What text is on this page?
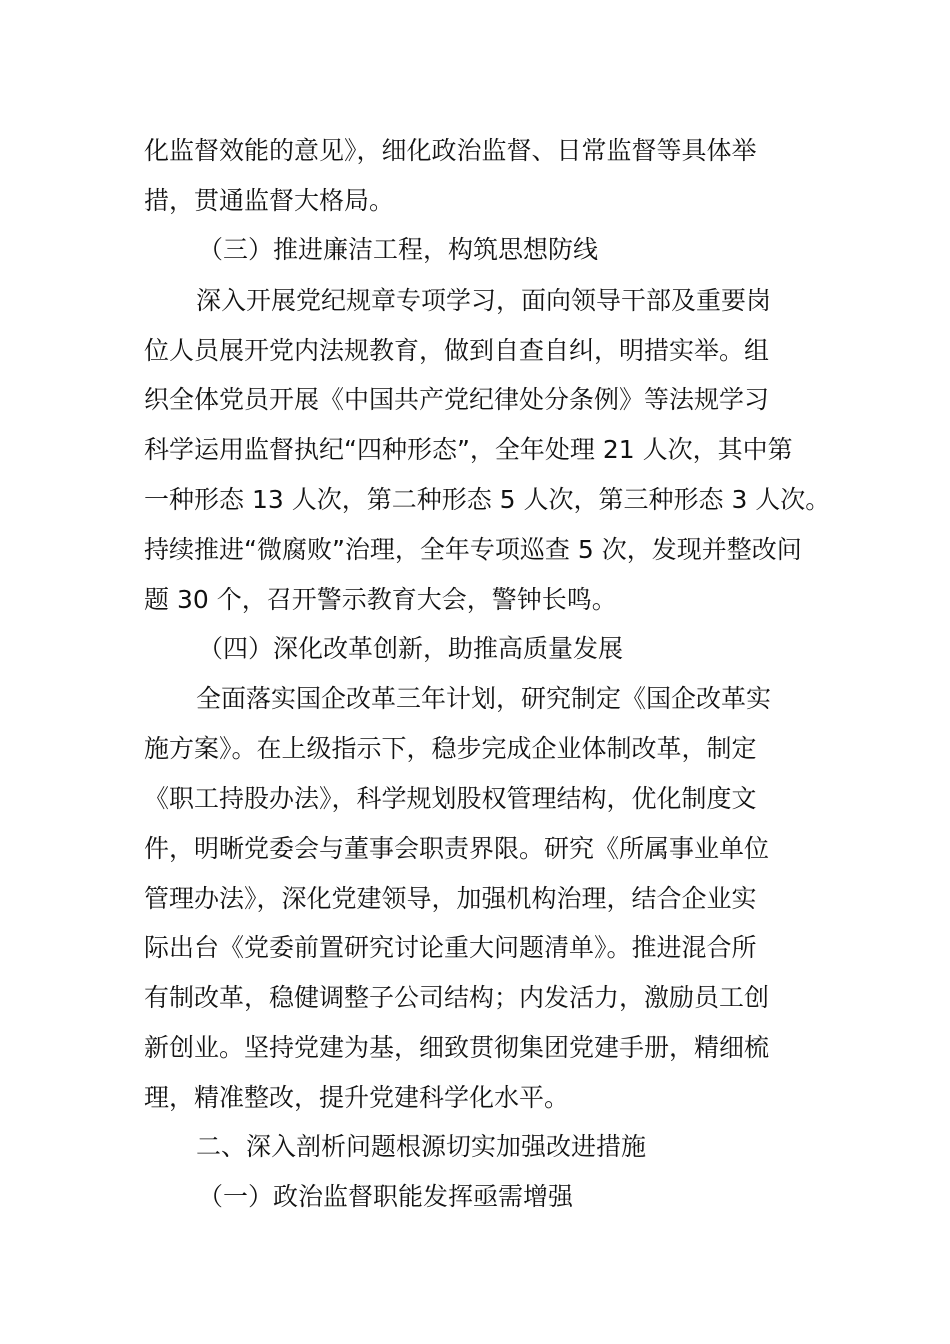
化监督效能的意见》，细化政治监督、日常监督等具体举
措，贯通监督大格局。
（三）推进廉洁工程，构筑思想防线
深入开展党纪规章专项学习，面向领导干部及重要岗
位人员展开党内法规教育，做到自查自纠，明措实举。组
织全体党员开展《中国共产党纪律处分条例》等法规学习
科学运用监督执纪“四种形态”，全年处理 21 人次，其中第
一种形态 13 人次，第二种形态 5 人次，第三种形态 3 人次。
持续推进“微腐败”治理，全年专项巡查 5 次，发现并整改问
题 30 个，召开警示教育大会，警钟长鸣。
（四）深化改革创新，助推高质量发展
全面落实国企改革三年计划，研究制定《国企改革实
施方案》。在上级指示下，稳步完成企业体制改革，制定
《职工持股办法》，科学规划股权管理结构，优化制度文
件，明晰党委会与董事会职责界限。研究《所属事业单位
管理办法》，深化党建领导，加强机构治理，结合企业实
际出台《党委前置研究讨论重大问题清单》。推进混合所
有制改革，稳健调整子公司结构；内发活力，激励员工创
新创业。坚持党建为基，细致贯彻集团党建手册，精细梳
理，精准整改，提升党建科学化水平。
二、深入剖析问题根源切实加强改进措施
（一）政治监督职能发挥亟需增强
